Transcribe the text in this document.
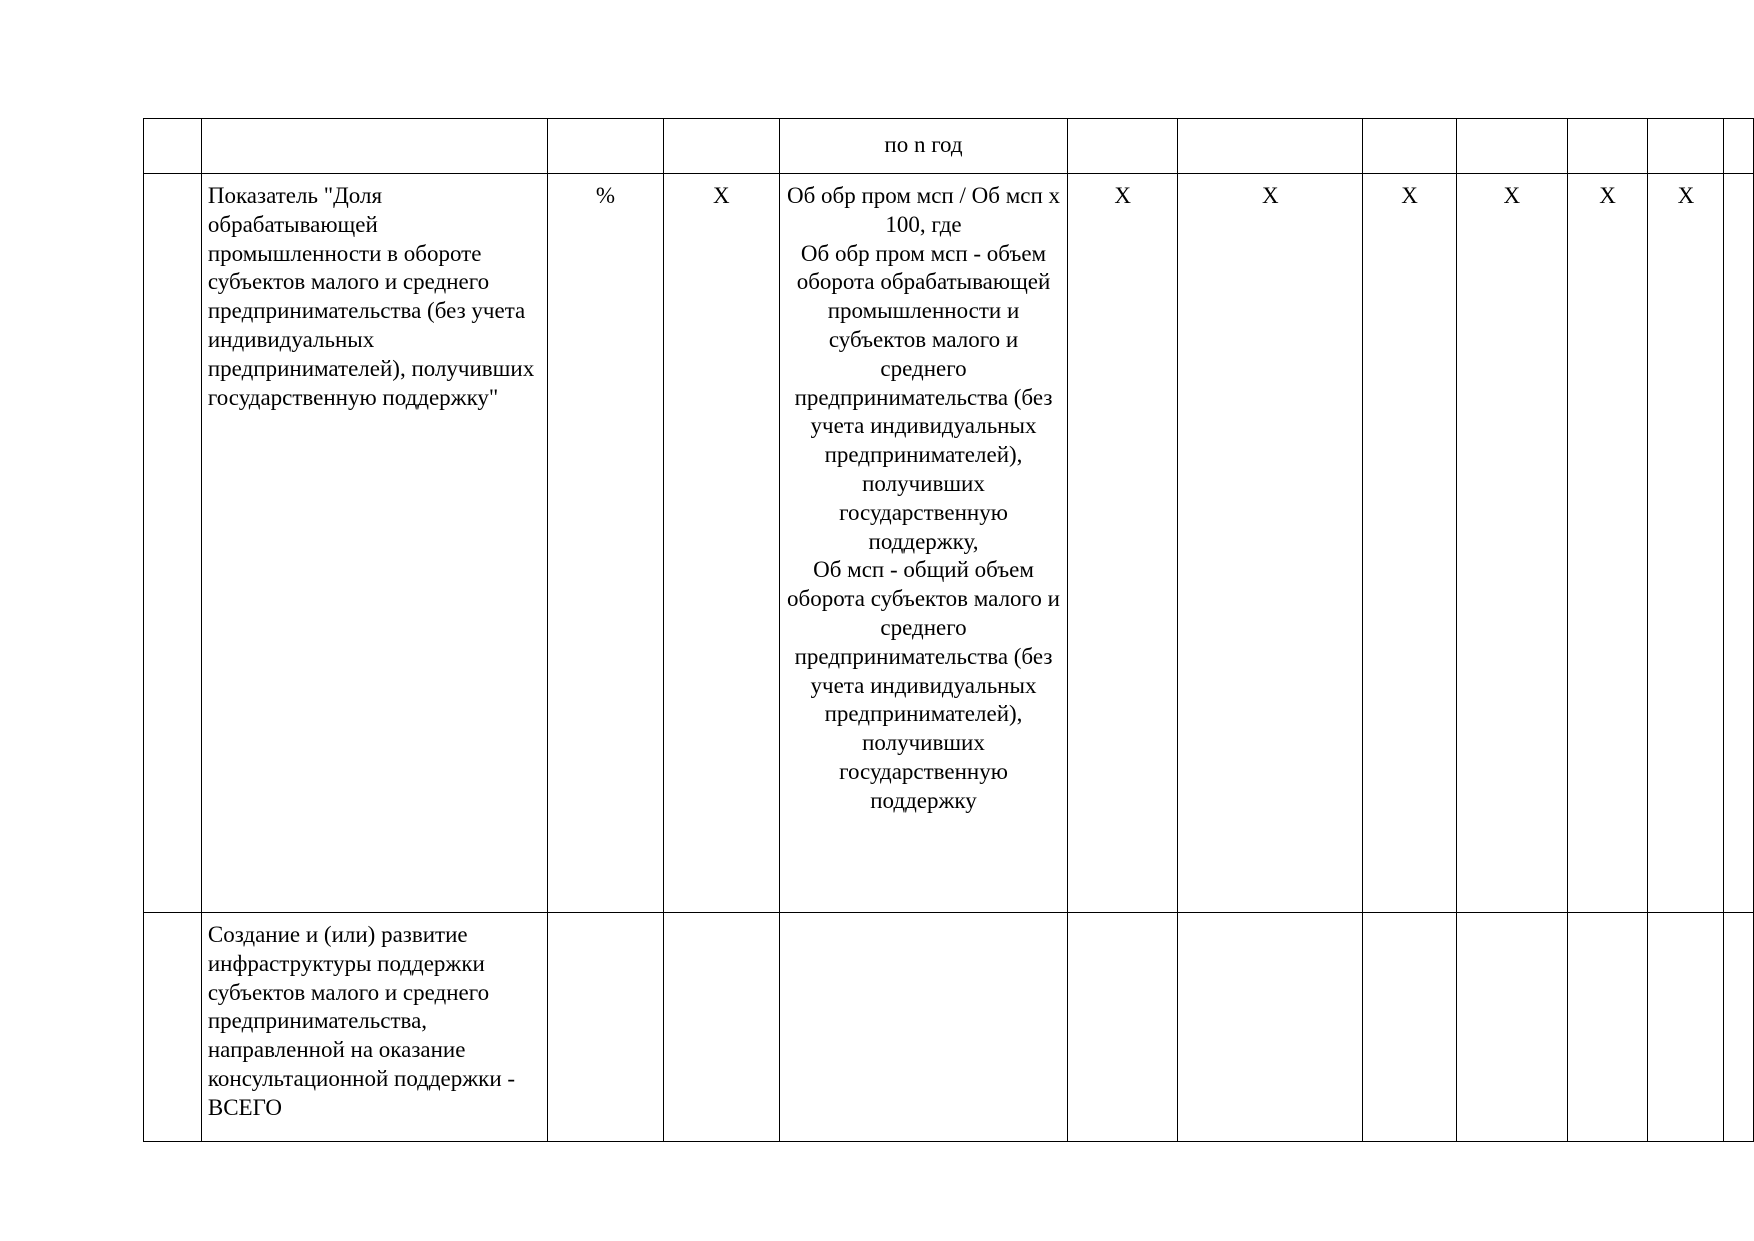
				по n год							
	Показатель "Доля обрабатывающей промышленности в обороте субъектов малого и среднего предпринимательства (без учета индивидуальных предпринимателей), получивших государственную поддержку"	%	X	Об обр пром мсп / Об мсп x 100, где
Об обр пром мсп - объем оборота обрабатывающей промышленности и субъектов малого и среднего предпринимательства (без учета индивидуальных предпринимателей), получивших государственную поддержку,
Об мсп - общий объем оборота субъектов малого и среднего предпринимательства (без учета индивидуальных предпринимателей), получивших государственную поддержку	X	X	X	X	X	X	
	Создание и (или) развитие инфраструктуры поддержки субъектов малого и среднего предпринимательства, направленной на оказание консультационной поддержки - ВСЕГО										
